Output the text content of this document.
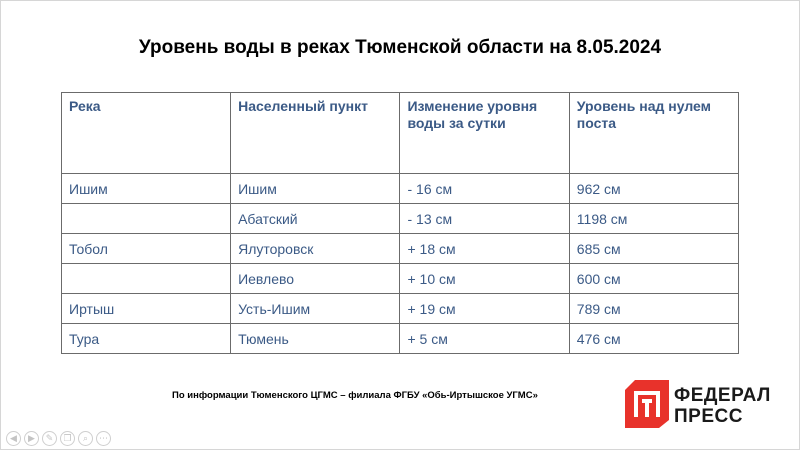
Уровень воды в реках Тюменской области на 8.05.2024
Река	Населенный пункт	Изменение уровня воды за сутки	Уровень над нулем поста
Ишим	Ишим	- 16 см	962 см
	Абатский	- 13 см	1198 см
Тобол	Ялуторовск	+ 18 см	685 см
	Иевлево	+ 10 см	600 см
Иртыш	Усть-Ишим	+ 19 см	789 см
Тура	Тюмень	+ 5 см	476 см
По информации Тюменского ЦГМС – филиала ФГБУ «Обь-Иртышское УГМС»	ФЕДЕРАЛ
ПРЕСС
◀	▶	✎	❐	⌕	⋯
